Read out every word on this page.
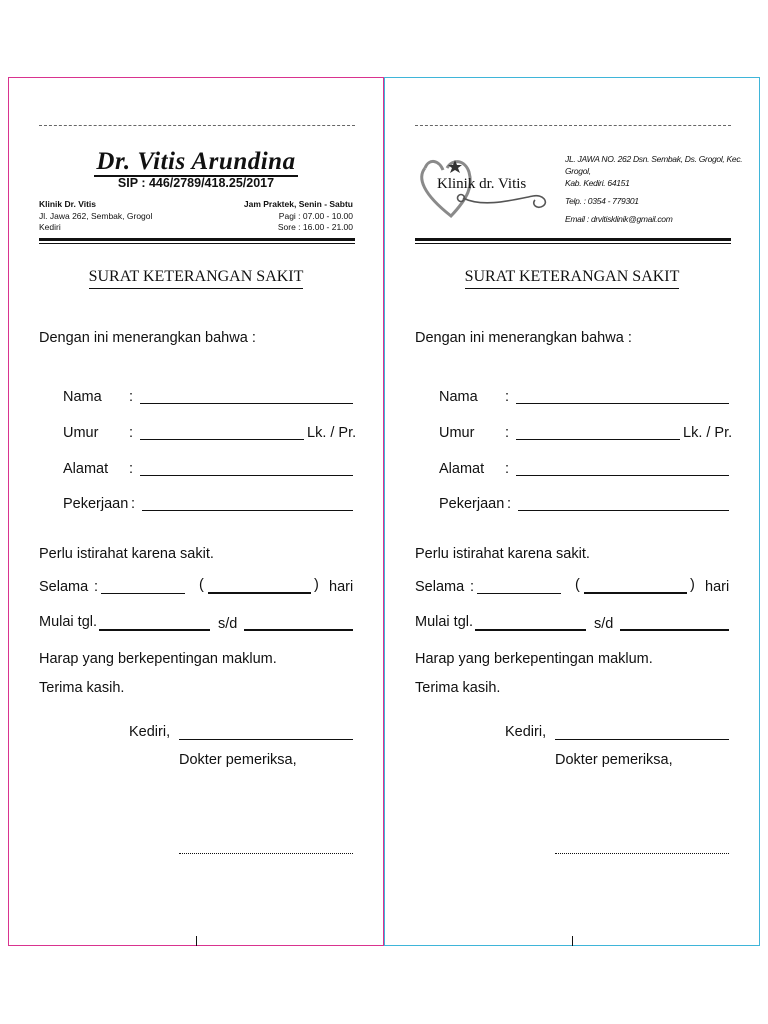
Dr. Vitis Arundina
SIP : 446/2789/418.25/2017
Klinik Dr. Vitis
Jl. Jawa 262, Sembak, Grogol
Kediri
Jam Praktek, Senin - Sabtu
Pagi : 07.00 - 10.00
Sore : 16.00 - 21.00
SURAT KETERANGAN SAKIT
Dengan ini menerangkan bahwa :
Nama :
Umur :	Lk. / Pr.
Alamat :
Pekerjaan :
Perlu istirahat karena sakit.
Selama :	(	) hari
Mulai tgl.	s/d
Harap yang berkepentingan maklum.
Terima kasih.
Kediri,
Dokter pemeriksa,
Klinik dr. Vitis
JL. JAWA NO. 262 Dsn. Sembak, Ds. Grogol, Kec. Grogol,
Kab. Kediri. 64151
Telp. : 0354 - 779301
Email : drvitisklinik@gmail.com
SURAT KETERANGAN SAKIT
Dengan ini menerangkan bahwa :
Nama :
Umur :	Lk. / Pr.
Alamat :
Pekerjaan :
Perlu istirahat karena sakit.
Selama :	(	) hari
Mulai tgl.	s/d
Harap yang berkepentingan maklum.
Terima kasih.
Kediri,
Dokter pemeriksa,
